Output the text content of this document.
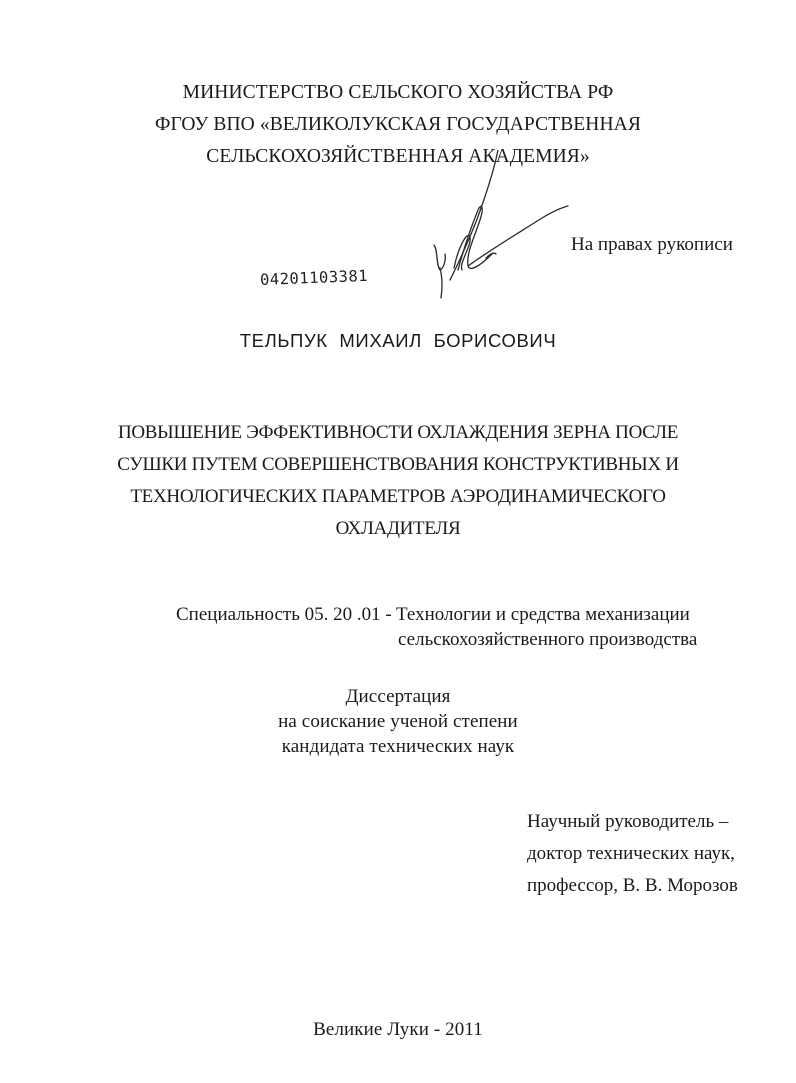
МИНИСТЕРСТВО СЕЛЬСКОГО ХОЗЯЙСТВА РФ
ФГОУ ВПО «ВЕЛИКОЛУКСКАЯ ГОСУДАРСТВЕННАЯ
СЕЛЬСКОХОЗЯЙСТВЕННАЯ АКАДЕМИЯ»
На правах рукописи
04201103381
ТЕЛЬПУК МИХАИЛ БОРИСОВИЧ
ПОВЫШЕНИЕ ЭФФЕКТИВНОСТИ ОХЛАЖДЕНИЯ ЗЕРНА ПОСЛЕ
СУШКИ ПУТЕМ СОВЕРШЕНСТВОВАНИЯ КОНСТРУКТИВНЫХ И
ТЕХНОЛОГИЧЕСКИХ ПАРАМЕТРОВ АЭРОДИНАМИЧЕСКОГО
ОХЛАДИТЕЛЯ
Специальность 05. 20 .01 - Технологии и средства механизации
сельскохозяйственного производства
Диссертация
на соискание ученой степени
кандидата технических наук
Научный руководитель –
доктор технических наук,
профессор, В. В. Морозов
Великие Луки - 2011
